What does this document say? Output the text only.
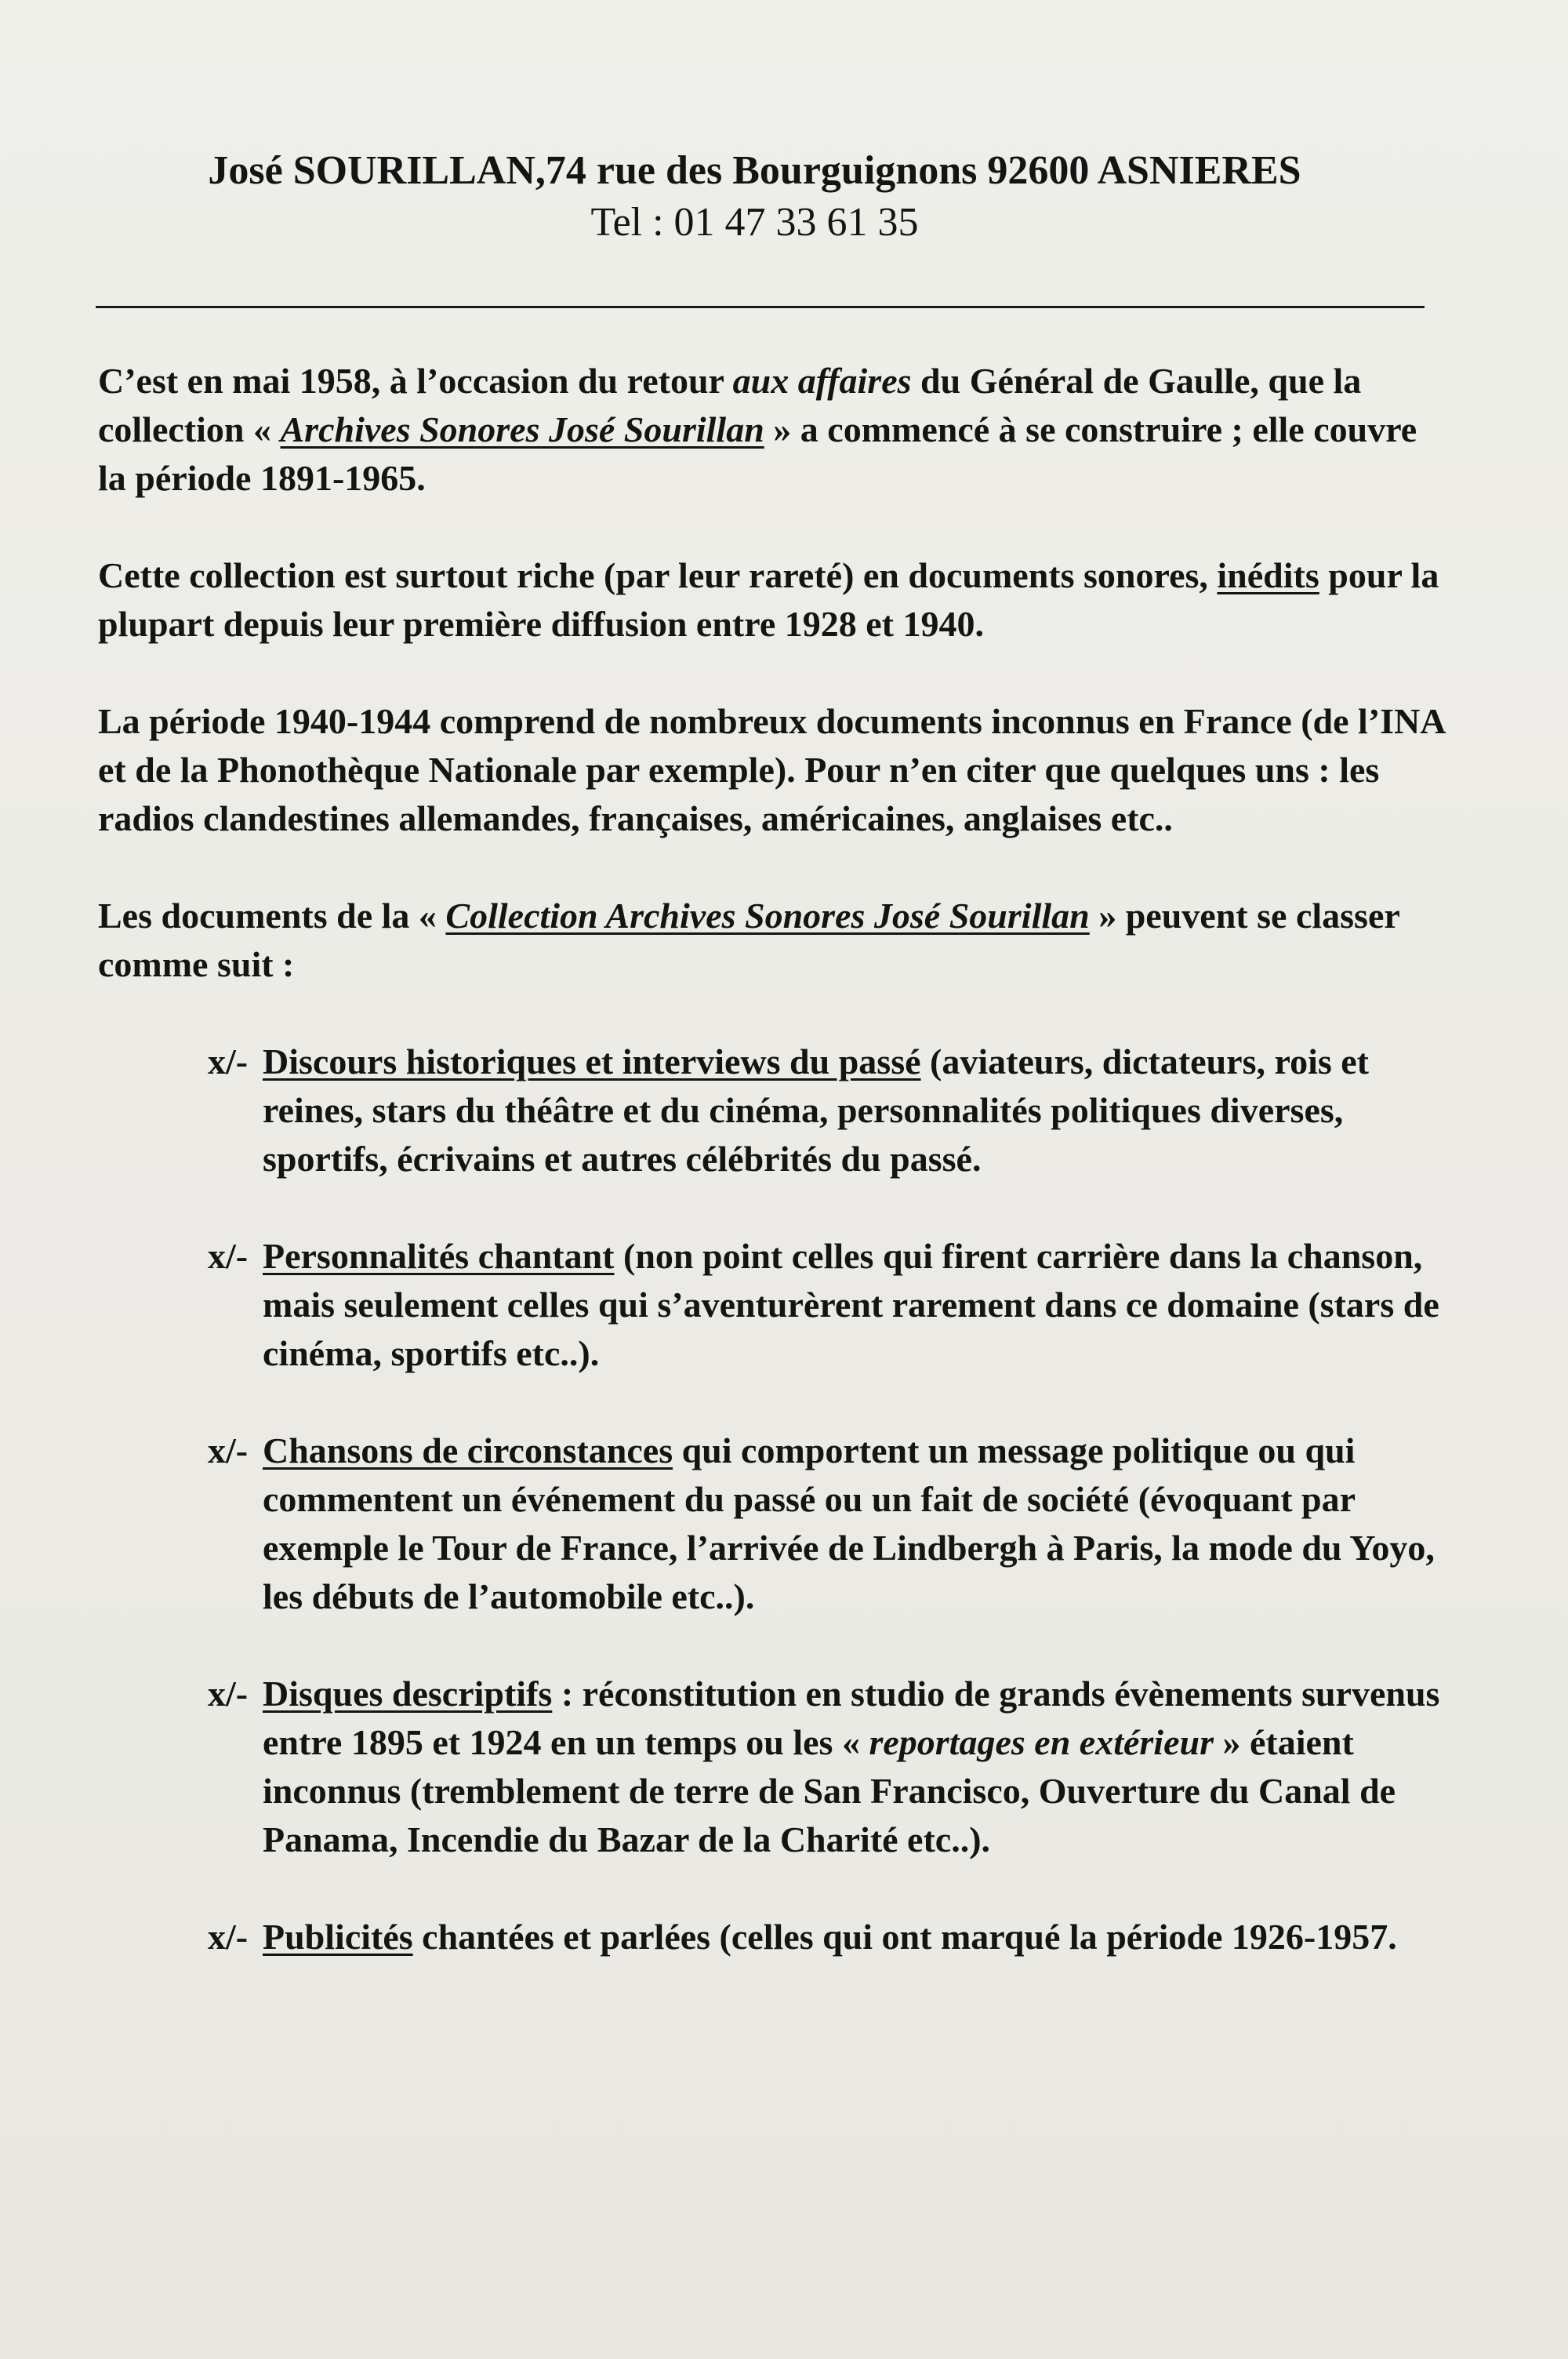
José SOURILLAN,74 rue des Bourguignons 92600 ASNIERES
Tel : 01 47 33 61 35

C’est en mai 1958, à l’occasion du retour aux affaires du Général de Gaulle, que la collection « Archives Sonores José Sourillan » a commencé à se construire ; elle couvre la période 1891-1965.

Cette collection est surtout riche (par leur rareté) en documents sonores, inédits pour la plupart depuis leur première diffusion entre 1928 et 1940.

La période 1940-1944 comprend de nombreux documents inconnus en France (de l’INA et de la Phonothèque Nationale par exemple). Pour n’en citer que quelques uns : les radios clandestines allemandes, françaises, américaines, anglaises etc..

Les documents de la « Collection Archives Sonores José Sourillan » peuvent se classer comme suit :

x/- Discours historiques et interviews du passé (aviateurs, dictateurs, rois et reines, stars du théâtre et du cinéma, personnalités politiques diverses, sportifs, écrivains et autres célébrités du passé.
x/- Personnalités chantant (non point celles qui firent carrière dans la chanson, mais seulement celles qui s’aventurèrent rarement dans ce domaine (stars de cinéma, sportifs etc..).
x/- Chansons de circonstances qui comportent un message politique ou qui commentent un événement du passé ou un fait de société (évoquant par exemple le Tour de France, l’arrivée de Lindbergh à Paris, la mode du Yoyo, les débuts de l’automobile etc..).
x/- Disques descriptifs : réconstitution en studio de grands évènements survenus entre 1895 et 1924 en un temps ou les « reportages en extérieur » étaient inconnus (tremblement de terre de San Francisco, Ouverture du Canal de Panama, Incendie du Bazar de la Charité etc..).
x/- Publicités chantées et parlées (celles qui ont marqué la période 1926-1957.
